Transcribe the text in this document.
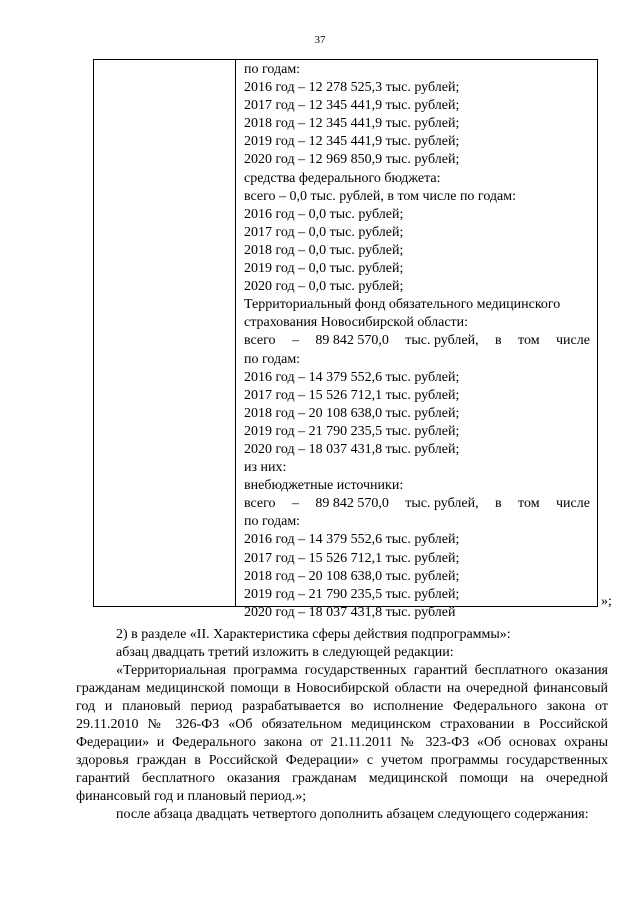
37
по годам:
2016 год – 12 278 525,3 тыс. рублей;
2017 год – 12 345 441,9 тыс. рублей;
2018 год – 12 345 441,9 тыс. рублей;
2019 год – 12 345 441,9 тыс. рублей;
2020 год – 12 969 850,9 тыс. рублей;
средства федерального бюджета:
всего – 0,0 тыс. рублей, в том числе по годам:
2016 год – 0,0 тыс. рублей;
2017 год – 0,0 тыс. рублей;
2018 год – 0,0 тыс. рублей;
2019 год – 0,0 тыс. рублей;
2020 год – 0,0 тыс. рублей;
Территориальный фонд обязательного медицинского
страхования Новосибирской области:
всего – 89 842 570,0 тыс. рублей, в том числе
по годам:
2016 год – 14 379 552,6 тыс. рублей;
2017 год – 15 526 712,1 тыс. рублей;
2018 год – 20 108 638,0 тыс. рублей;
2019 год – 21 790 235,5 тыс. рублей;
2020 год – 18 037 431,8 тыс. рублей;
из них:
внебюджетные источники:
всего – 89 842 570,0 тыс. рублей, в том числе
по годам:
2016 год – 14 379 552,6 тыс. рублей;
2017 год – 15 526 712,1 тыс. рублей;
2018 год – 20 108 638,0 тыс. рублей;
2019 год – 21 790 235,5 тыс. рублей;
2020 год – 18 037 431,8 тыс. рублей
»;

2) в разделе «II. Характеристика сферы действия подпрограммы»:

абзац двадцать третий изложить в следующей редакции:

«Территориальная программа государственных гарантий бесплатного оказания гражданам медицинской помощи в Новосибирской области на очередной финансовый год и плановый период разрабатывается во исполнение Федерального закона от 29.11.2010 № 326-ФЗ «Об обязательном медицинском страховании в Российской Федерации» и Федерального закона от 21.11.2011 № 323-ФЗ «Об основах охраны здоровья граждан в Российской Федерации» с учетом программы государственных гарантий бесплатного оказания гражданам медицинской помощи на очередной финансовый год и плановый период.»;

после абзаца двадцать четвертого дополнить абзацем следующего содержания:
